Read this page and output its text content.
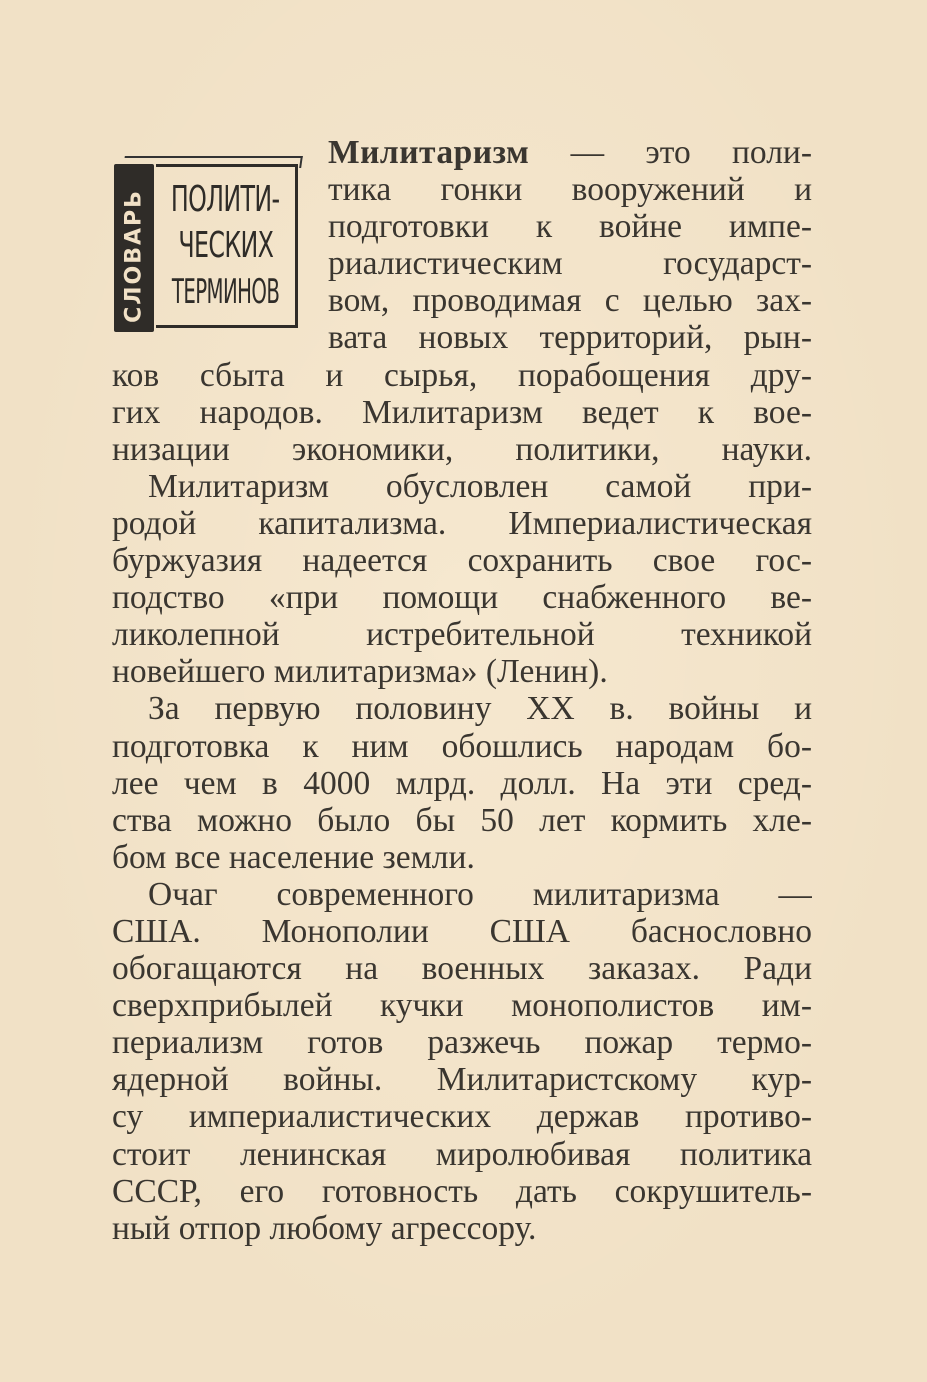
СЛОВАРЬ ПОЛИТИ-
ЧЕСКИХ
ТЕРМИНОВ
Милитаризм — это поли-
тика гонки вооружений и
подготовки к войне импе-
риалистическим государст-
вом, проводимая с целью зах-
вата новых территорий, рын-
ков сбыта и сырья, порабощения дру-
гих народов. Милитаризм ведет к вое-
низации экономики, политики, науки.
Милитаризм обусловлен самой при-
родой капитализма. Империалистическая
буржуазия надеется сохранить свое гос-
подство «при помощи снабженного ве-
ликолепной истребительной техникой
новейшего милитаризма» (Ленин).
За первую половину XX в. войны и
подготовка к ним обошлись народам бо-
лее чем в 4000 млрд. долл. На эти сред-
ства можно было бы 50 лет кормить хле-
бом все население земли.
Очаг современного милитаризма —
США. Монополии США баснословно
обогащаются на военных заказах. Ради
сверхприбылей кучки монополистов им-
периализм готов разжечь пожар термо-
ядерной войны. Милитаристскому кур-
су империалистических держав противо-
стоит ленинская миролюбивая политика
СССР, его готовность дать сокрушитель-
ный отпор любому агрессору.
